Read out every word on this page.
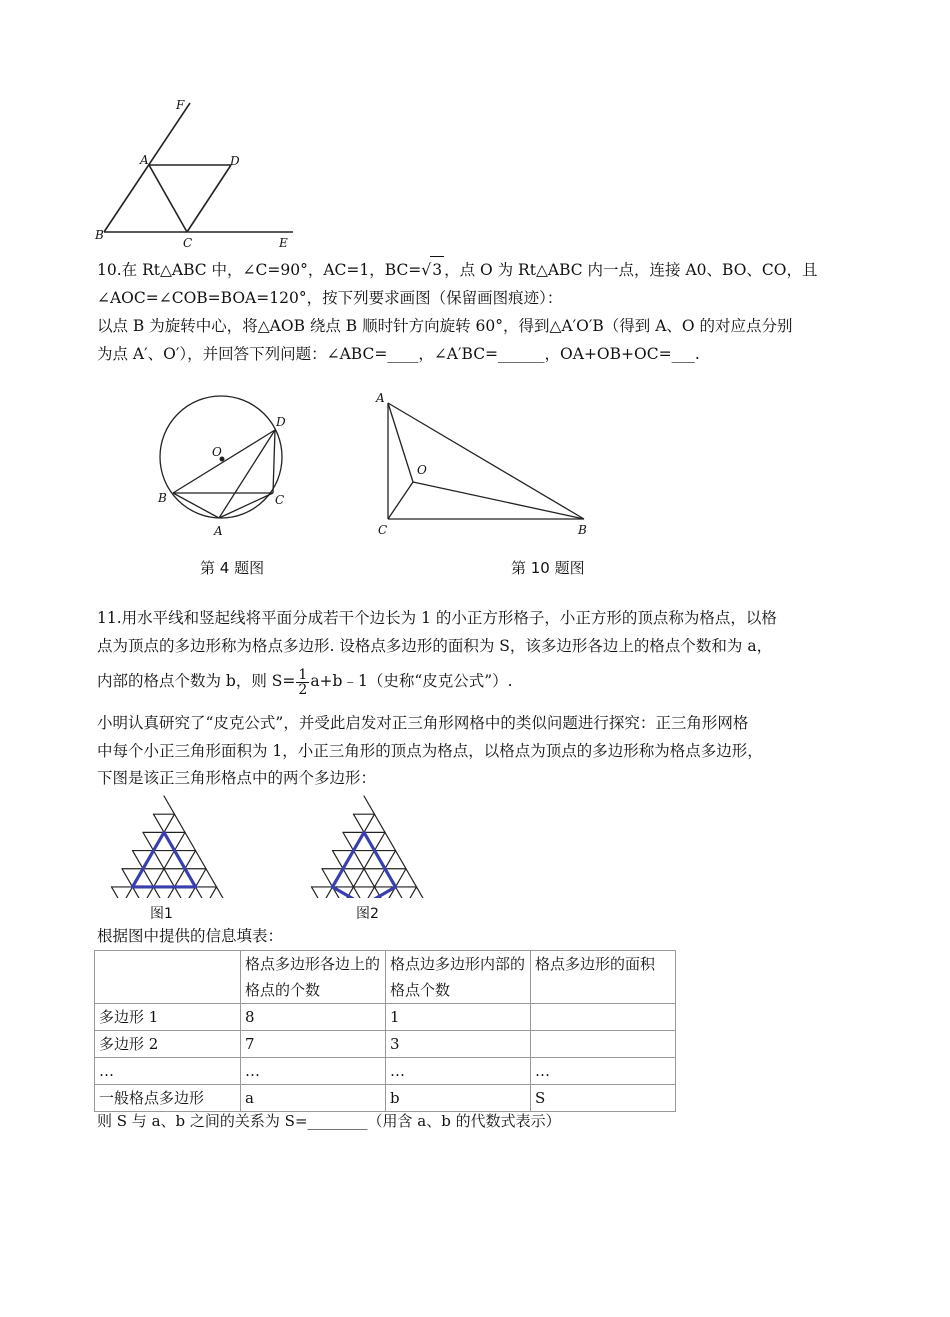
F
A	D
B
C	E
10.在 Rt△ABC 中，∠C=90°，AC=1，BC=√3 ，点 O 为 Rt△ABC 内一点，连接 A0、BO、CO，且
∠AOC=∠COB=BOA=120°，按下列要求画图（保留画图痕迹）：
以点 B 为旋转中心，将△AOB 绕点 B 顺时针方向旋转 60°，得到△A′O′B（得到 A、O 的对应点分别
为点 A′、O′），并回答下列问题：∠ABC=____，∠A′BC=______，OA+OB+OC=___.
O
D
B	C
A
A
O
C	B
第 4 题图	第 10 题图
11.用水平线和竖起线将平面分成若干个边长为 1 的小正方形格子，小正方形的顶点称为格点，以格
点为顶点的多边形称为格点多边形. 设格点多边形的面积为 S，该多边形各边上的格点个数和为 a，
内部的格点个数为 b，则 $S= \frac{1}{2}$ a+b﹣1（史称“皮克公式”）.
小明认真研究了“皮克公式”，并受此启发对正三角形网格中的类似问题进行探究：正三角形网格
中每个小正三角形面积为 1，小正三角形的顶点为格点，以格点为顶点的多边形称为格点多边形，
下图是该正三角形格点中的两个多边形：
图1	图2
根据图中提供的信息填表：
	格点多边形各边上的格点的个数	格点边多边形内部的格点个数	格点多边形的面积
多边形 1	8	1	
多边形 2	7	3	
…	…	…	…
一般格点多边形	a	b	S
则 S 与 a、b 之间的关系为 S=________（用含 a、b 的代数式表示）
